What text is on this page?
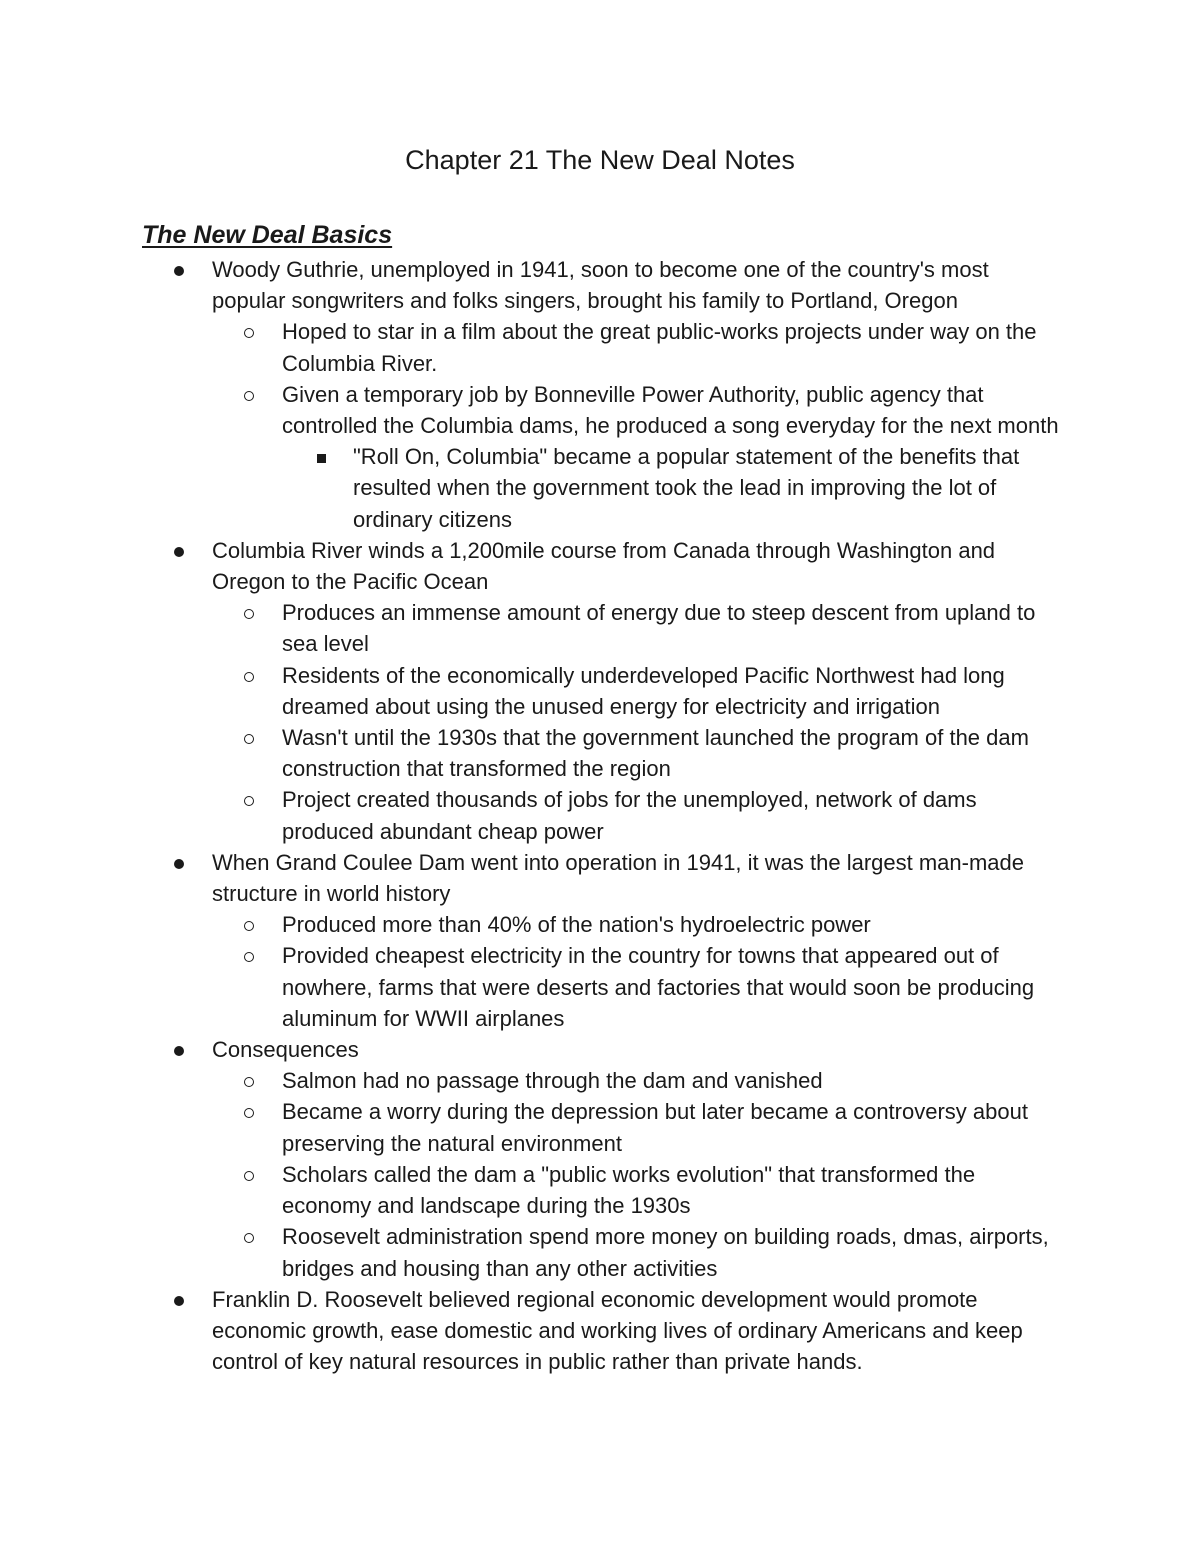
Chapter 21 The New Deal Notes
The New Deal Basics
Woody Guthrie, unemployed in 1941, soon to become one of the country's most popular songwriters and folks singers, brought his family to Portland, Oregon
Hoped to star in a film about the great public-works projects under way on the Columbia River.
Given a temporary job by Bonneville Power Authority, public agency that controlled the Columbia dams, he produced a song everyday for the next month
"Roll On, Columbia" became a popular statement of the benefits that resulted when the government took the lead in improving the lot of ordinary citizens
Columbia River winds a 1,200mile course from Canada through Washington and Oregon to the Pacific Ocean
Produces an immense amount of energy due to steep descent from upland to sea level
Residents of the economically underdeveloped Pacific Northwest had long dreamed about using the unused energy for electricity and irrigation
Wasn't until the 1930s that the government launched the program of the dam construction that transformed the region
Project created thousands of jobs for the unemployed, network of dams produced abundant cheap power
When Grand Coulee Dam went into operation in 1941, it was the largest man-made structure in world history
Produced more than 40% of the nation's hydroelectric power
Provided cheapest electricity in the country for towns that appeared out of nowhere, farms that were deserts and factories that would soon be producing aluminum for WWII airplanes
Consequences
Salmon had no passage through the dam and vanished
Became a worry during the depression but later became a controversy about preserving the natural environment
Scholars called the dam a "public works evolution" that transformed the economy and landscape during the 1930s
Roosevelt administration spend more money on building roads, dmas, airports, bridges and housing than any other activities
Franklin D. Roosevelt believed regional economic development would promote economic growth, ease domestic and working lives of ordinary Americans and keep control of key natural resources in public rather than private hands.
